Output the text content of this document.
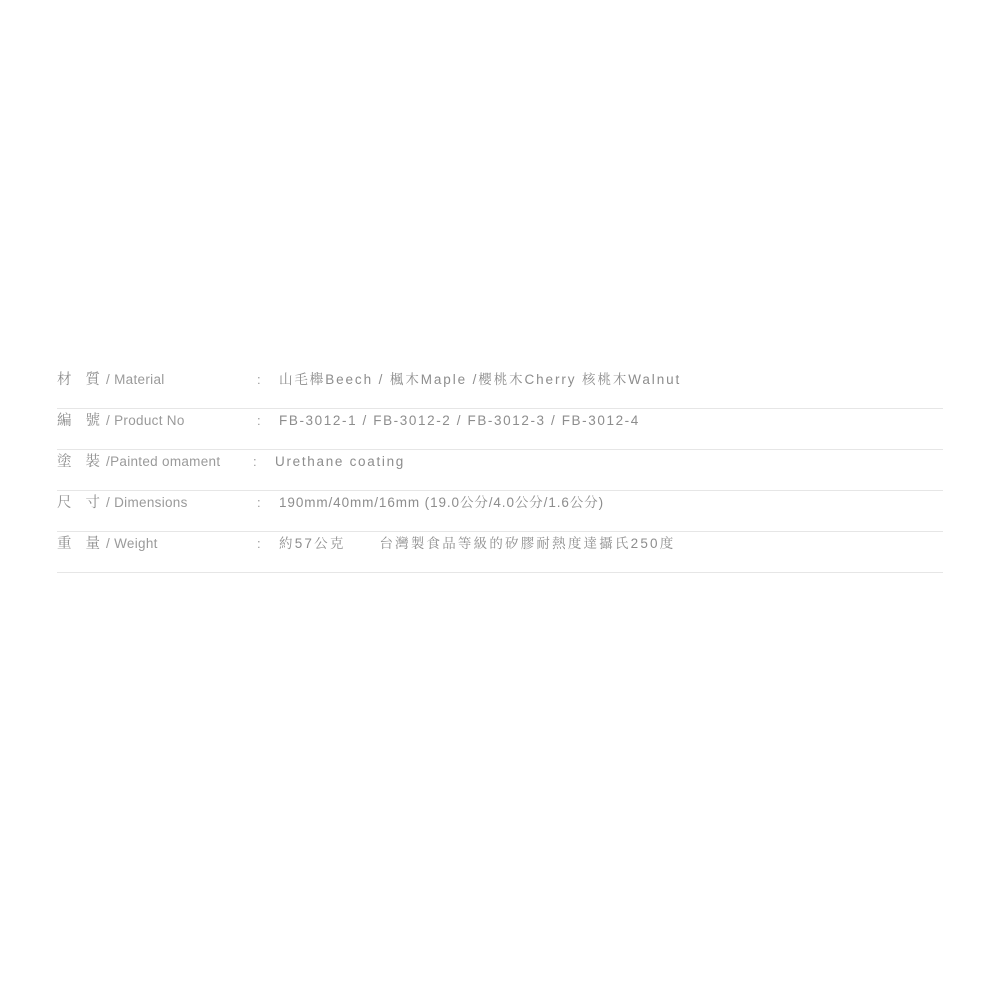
材 質 / Material	:	山毛櫸Beech / 楓木Maple /櫻桃木Cherry 核桃木Walnut
編 號 / Product No	:	FB-3012-1 / FB-3012-2 / FB-3012-3 / FB-3012-4
塗 裝 /Painted omament	:	Urethane coating
尺 寸 / Dimensions	:	190mm/40mm/16mm (19.0公分/4.0公分/1.6公分)
重 量 / Weight	:	約57公克	台灣製食品等級的矽膠耐熱度達攝氏250度
